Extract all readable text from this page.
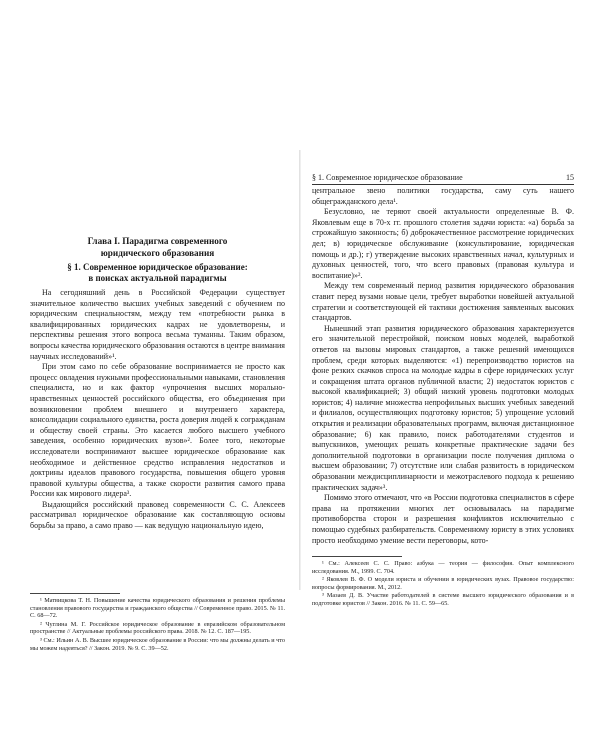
Глава I. Парадигма современного
юридического образования
§ 1. Современное юридическое образование:
в поисках актуальной парадигмы

На сегодняшний день в Российской Федерации существует значительное количество высших учебных заведений с обучением по юридическим специальностям, между тем «потребности рынка в квалифицированных юридических кадрах не удовлетворены, и перспективы решения этого вопроса весьма туманны. Таким образом, вопросы качества юридического образования остаются в центре внимания научных исследований»¹.

При этом само по себе образование воспринимается не просто как процесс овладения нужными профессиональными навыками, становления специалиста, но и как фактор «упрочнения высших морально-нравственных ценностей российского общества, его объединения при возникновении проблем внешнего и внутреннего характера, консолидации социального единства, роста доверия людей к согражданам и обществу своей страны. Это касается любого высшего учебного заведения, особенно юридических вузов»². Более того, некоторые исследователи воспринимают высшее юридическое образование как необходимое и действенное средство исправления недостатков и доктрины идеалов правового государства, повышения общего уровня правовой культуры общества, а также скорости развития самого права России как мирового лидера³.

Выдающийся российский правовед современности С. С. Алексеев рассматривал юридическое образование как составляющую основы борьбы за право, а само право — как ведущую национальную идею,

¹ Матвицкова Т. Н. Повышение качества юридического образования и решения проблемы становления правового государства и гражданского общества // Современное право. 2015. № 11. С. 68—72.

² Чуглина М. Г. Российское юридическое образование в евразийском образовательном пространстве // Актуальные проблемы российского права. 2018. № 12. С. 187—195.

³ См.: Ильин А. В. Высшее юридическое образование в России: что мы должны делать и что мы можем надеяться? // Закон. 2019. № 9. С. 39—52.

§ 1. Современное юридическое образование	15

центральное звено политики государства, саму суть нашего общегражданского дела¹.

Безусловно, не теряют своей актуальности определенные В. Ф. Яковлевым еще в 70-х гг. прошлого столетия задачи юриста: «а) борьба за строжайшую законность; б) доброкачественное рассмотрение юридических дел; в) юридическое обслуживание (консультирование, юридическая помощь и др.); г) утверждение высоких нравственных начал, культурных и духовных ценностей, того, что всего правовых (правовая культура и воспитание)»².

Между тем современный период развития юридического образования ставит перед вузами новые цели, требует выработки новейшей актуальной стратегии и соответствующей ей тактики достижения заявленных высоких стандартов.

Нынешний этап развития юридического образования характеризуется его значительной перестройкой, поиском новых моделей, выработкой ответов на вызовы мировых стандартов, а также решений имеющихся проблем, среди которых выделяются: «1) перепроизводство юристов на фоне резких скачков спроса на молодые кадры в сфере юридических услуг и сокращения штата органов публичной власти; 2) недостаток юристов с высокой квалификацией; 3) общий низкий уровень подготовки молодых юристов; 4) наличие множества непрофильных высших учебных заведений и филиалов, осуществляющих подготовку юристов; 5) упрощение условий открытия и реализации образовательных программ, включая дистанционное образование; 6) как правило, поиск работодателями студентов и выпускников, умеющих решать конкретные практические задачи без дополнительной подготовки в организации после получения диплома о высшем образовании; 7) отсутствие или слабая развитость в юридическом образовании междисциплинарности и межотраслевого подхода к решению практических задач»³.

Помимо этого отмечают, что «в России подготовка специалистов в сфере права на протяжении многих лет основывалась на парадигме противоборства сторон и разрешения конфликтов исключительно с помощью судебных разбирательств. Современному юристу в этих условиях просто необходимо умение вести переговоры, кото-

¹ См.: Алексеев С. С. Право: азбука — теория — философия. Опыт комплексного исследования. М., 1999. С. 704.

² Яковлев В. Ф. О модели юриста и обучении в юридических вузах. Правовое государство: вопросы формирования. М., 2012.

³ Мазаев Д. В. Участие работодателей в системе высшего юридического образования и в подготовке юристов // Закон. 2016. № 11. С. 59—65.
